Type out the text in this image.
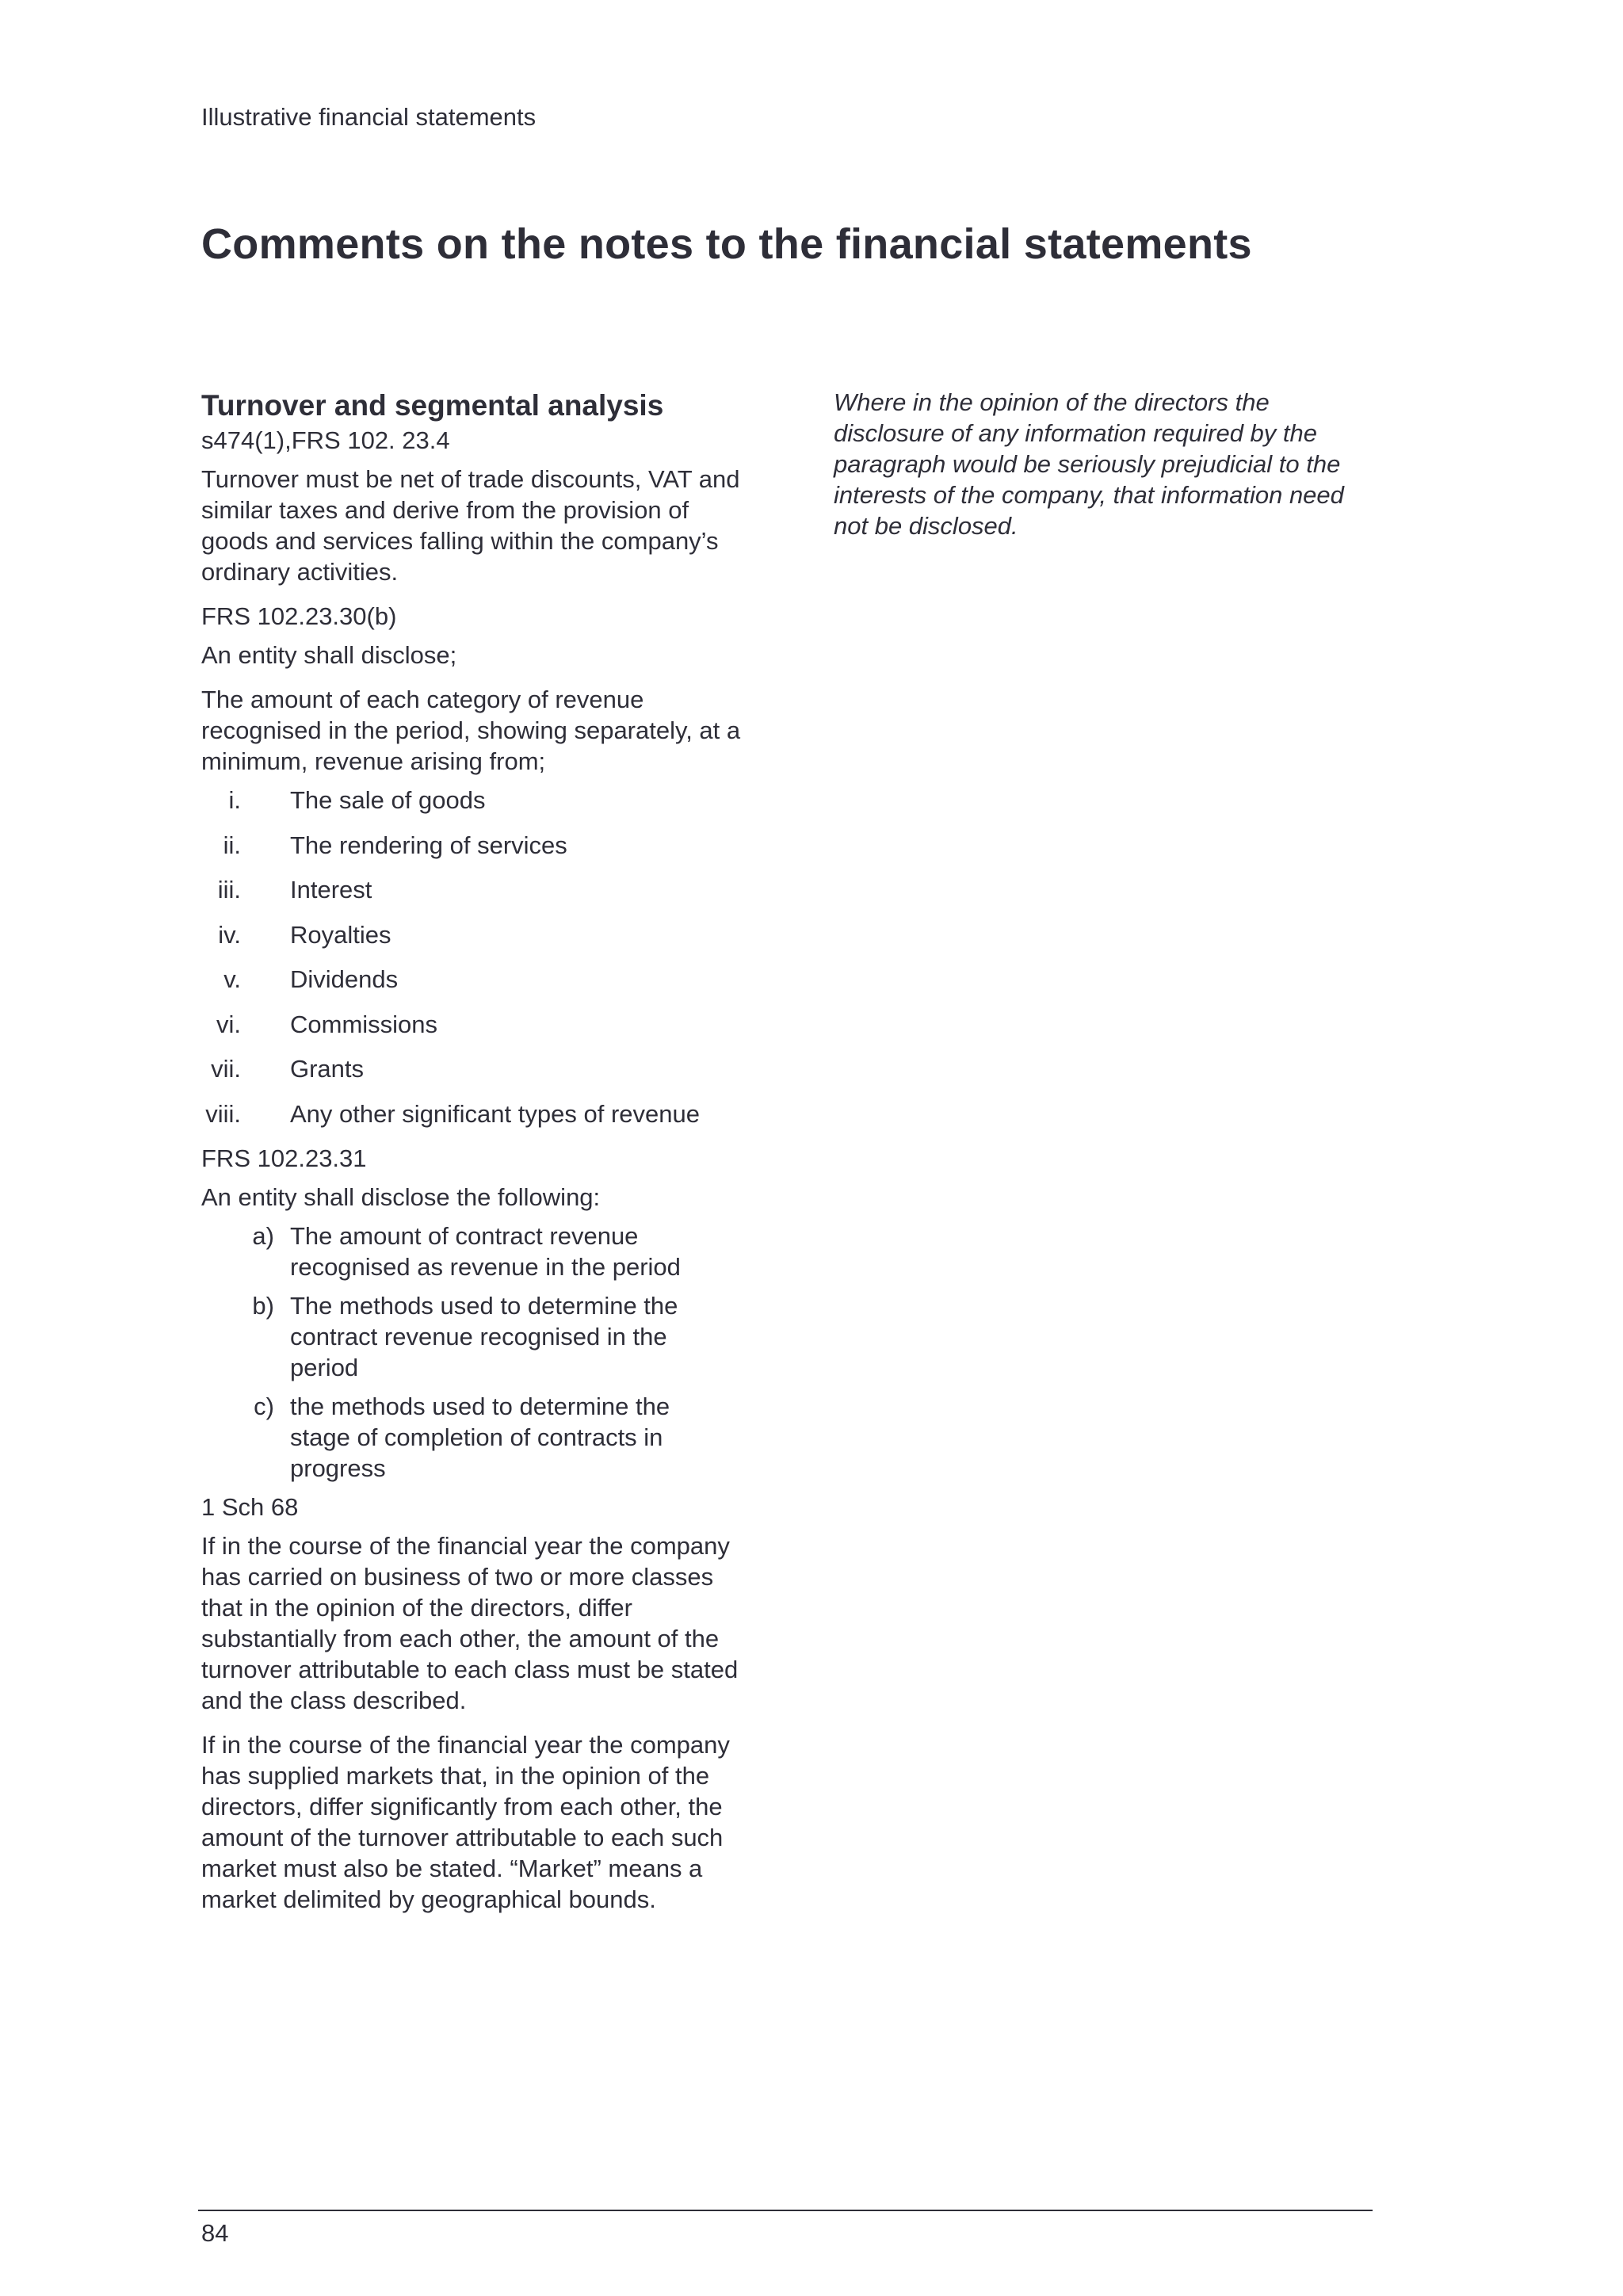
Illustrative financial statements
Comments on the notes to the financial statements
Turnover and segmental analysis

s474(1),FRS 102. 23.4

Turnover must be net of trade discounts, VAT and similar taxes and derive from the provision of goods and services falling within the company’s ordinary activities.

FRS 102.23.30(b)

An entity shall disclose;

The amount of each category of revenue recognised in the period, showing separately, at a minimum, revenue arising from;

i. The sale of goods
ii. The rendering of services
iii. Interest
iv. Royalties
v. Dividends
vi. Commissions
vii. Grants
viii. Any other significant types of revenue

FRS 102.23.31

An entity shall disclose the following:

a) The amount of contract revenue recognised as revenue in the period
b) The methods used to determine the contract revenue recognised in the period
c) the methods used to determine the stage of completion of contracts in progress

1 Sch 68

If in the course of the financial year the company has carried on business of two or more classes that in the opinion of the directors, differ substantially from each other, the amount of the turnover attributable to each class must be stated and the class described.

If in the course of the financial year the company has supplied markets that, in the opinion of the directors, differ significantly from each other, the amount of the turnover attributable to each such market must also be stated. “Market” means a market delimited by geographical bounds.

Where in the opinion of the directors the disclosure of any information required by the paragraph would be seriously prejudicial to the interests of the company, that information need not be disclosed.

84
